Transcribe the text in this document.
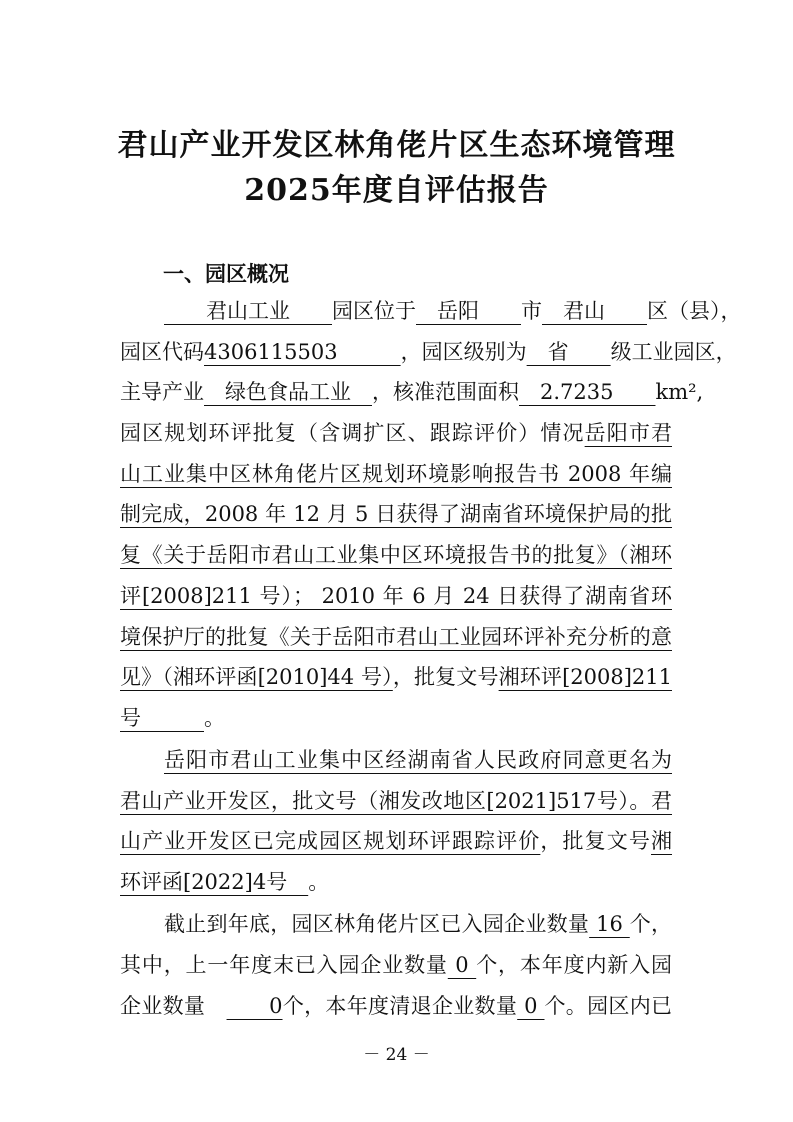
君山产业开发区林角佬片区生态环境管理
2025年度自评估报告
一、园区概况
　　君山工业　　园区位于　岳阳　　市　君山　　区（县），
园区代码4306115503　　　，园区级别为　省　　级工业园区，
主导产业　绿色食品工业　，核准范围面积　2.7235　　km²,
园区规划环评批复（含调扩区、跟踪评价）情况岳阳市君
山工业集中区林角佬片区规划环境影响报告书 2008 年编
制完成，2008 年 12 月 5 日获得了湖南省环境保护局的批
复《关于岳阳市君山工业集中区环境报告书的批复》（湘环
评[2008]211 号）； 2010 年 6 月 24 日获得了湖南省环
境保护厅的批复《关于岳阳市君山工业园环评补充分析的意
见》（湘环评函[2010]44 号），批复文号湘环评[2008]211
号　　　。
岳阳市君山工业集中区经湖南省人民政府同意更名为
君山产业开发区，批文号（湘发改地区[2021]517号）。君
山产业开发区已完成园区规划环评跟踪评价，批复文号湘
环评函[2022]4号　。
截止到年底，园区林角佬片区已入园企业数量 16 个，
其中，上一年度末已入园企业数量 0 个，本年度内新入园
企业数量　　　0个，本年度清退企业数量 0 个。园区内已
－ 24 －
